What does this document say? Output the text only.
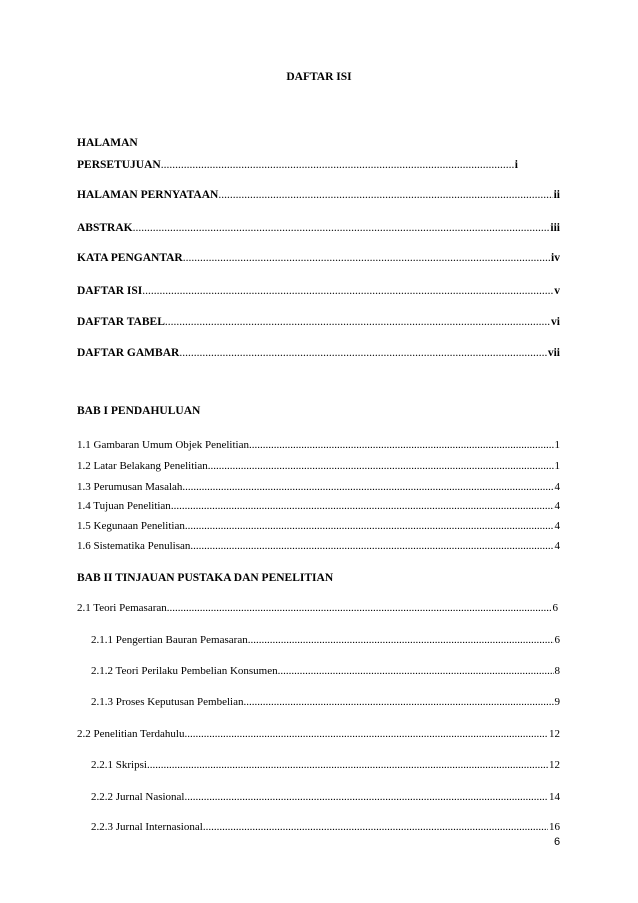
DAFTAR ISI
HALAMAN
PERSETUJUAN .....	i
HALAMAN PERNYATAAN .....	ii
ABSTRAK .....	iii
KATA PENGANTAR .....	iv
DAFTAR ISI .....	v
DAFTAR TABEL .....	vi
DAFTAR GAMBAR .....	vii
BAB I PENDAHULUAN
1.1 Gambaran Umum Objek Penelitian .....	1
1.2 Latar Belakang Penelitian .....	1
1.3 Perumusan Masalah .....	4
1.4 Tujuan Penelitian .....	4
1.5 Kegunaan Penelitian .....	4
1.6 Sistematika Penulisan .....	4
BAB II TINJAUAN PUSTAKA DAN PENELITIAN
2.1 Teori Pemasaran .....	6
2.1.1 Pengertian Bauran Pemasaran .....	6
2.1.2 Teori Perilaku Pembelian Konsumen .....	8
2.1.3 Proses Keputusan Pembelian .....	9
2.2 Penelitian Terdahulu .....	12
2.2.1 Skripsi .....	12
2.2.2 Jurnal Nasional .....	14
2.2.3 Jurnal Internasional .....	16
6
